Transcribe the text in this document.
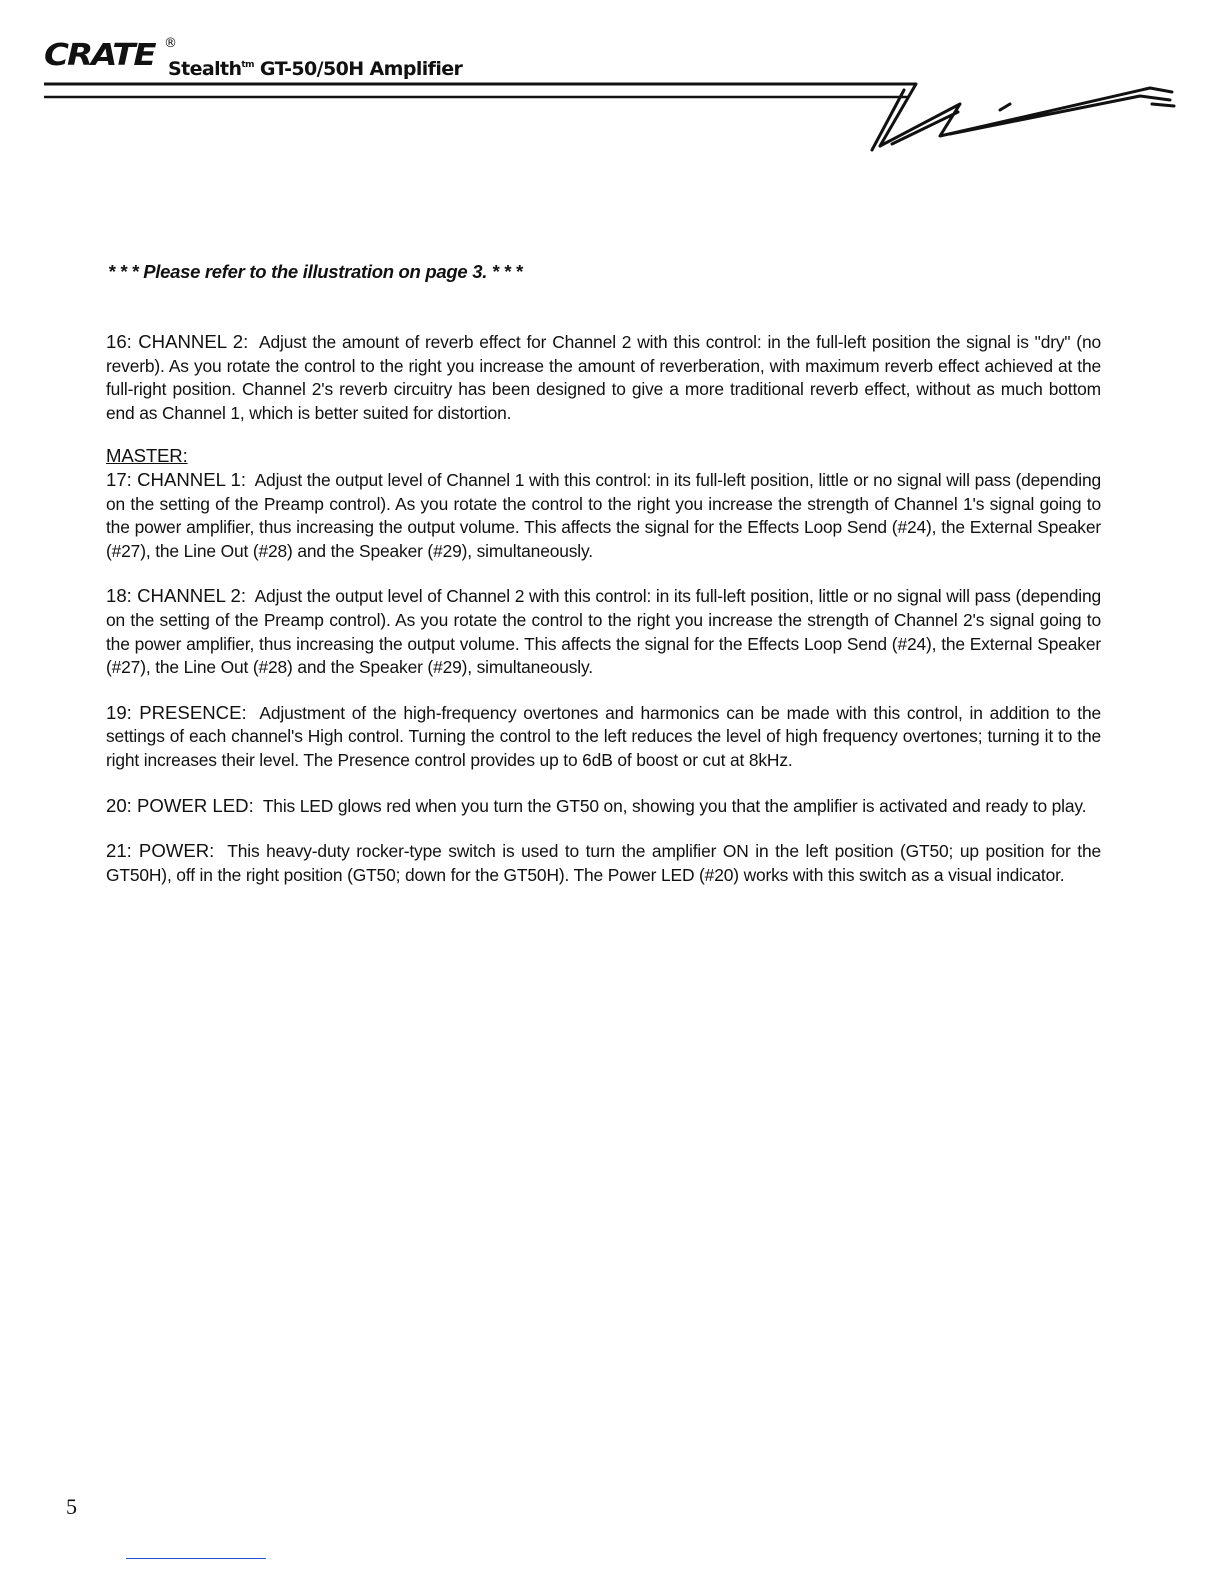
CRATE ®
Stealth$^{tm}$ GT-50/50H Amplifier
* * * Please refer to the illustration on page 3. * * *

16: CHANNEL 2: Adjust the amount of reverb effect for Channel 2 with this control: in the full-left position the signal is "dry" (no reverb). As you rotate the control to the right you increase the amount of reverberation, with maximum reverb effect achieved at the full-right position. Channel 2's reverb circuitry has been designed to give a more traditional reverb effect, without as much bottom end as Channel 1, which is better suited for distortion.

MASTER:
17: CHANNEL 1: Adjust the output level of Channel 1 with this control: in its full-left position, little or no signal will pass (depending on the setting of the Preamp control). As you rotate the control to the right you increase the strength of Channel 1's signal going to the power amplifier, thus increasing the output volume. This affects the signal for the Effects Loop Send (#24), the External Speaker (#27), the Line Out (#28) and the Speaker (#29), simultaneously.

18: CHANNEL 2: Adjust the output level of Channel 2 with this control: in its full-left position, little or no signal will pass (depending on the setting of the Preamp control). As you rotate the control to the right you increase the strength of Channel 2's signal going to the power amplifier, thus increasing the output volume. This affects the signal for the Effects Loop Send (#24), the External Speaker (#27), the Line Out (#28) and the Speaker (#29), simultaneously.

19: PRESENCE: Adjustment of the high-frequency overtones and harmonics can be made with this control, in addition to the settings of each channel's High control. Turning the control to the left reduces the level of high frequency overtones; turning it to the right increases their level. The Presence control provides up to 6dB of boost or cut at 8kHz.

20: POWER LED: This LED glows red when you turn the GT50 on, showing you that the amplifier is activated and ready to play.

21: POWER: This heavy-duty rocker-type switch is used to turn the amplifier ON in the left position (GT50; up position for the GT50H), off in the right position (GT50; down for the GT50H). The Power LED (#20) works with this switch as a visual indicator.

5
